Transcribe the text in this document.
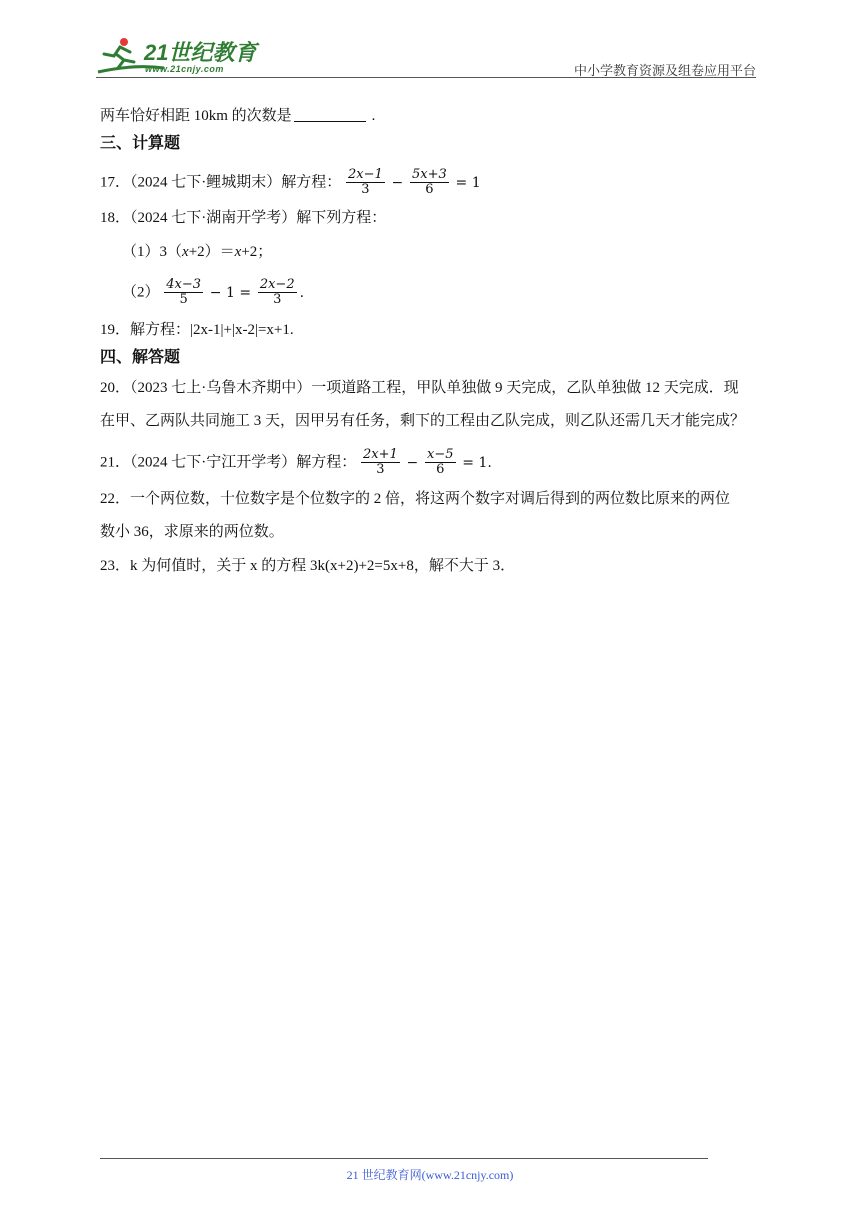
21世纪教育
www.21cnjy.com	中小学教育资源及组卷应用平台
两车恰好相距 10km 的次数是	.
三、计算题
17．（2024 七下·鲤城期末）解方程： $\frac{2x-1}{3} - \frac{5x+3}{6} = 1$
18．（2024 七下·湖南开学考）解下列方程：
（1）3（x+2）＝x+2；
$(2) \frac{4x-3}{5} - 1 = \frac{2x-2}{3}$ .
19．解方程：|2x-1|+|x-2|=x+1.
四、解答题
20．（2023 七上·乌鲁木齐期中）一项道路工程，甲队单独做 9 天完成，乙队单独做 12 天完成．现
在甲、乙两队共同施工 3 天，因甲另有任务，剩下的工程由乙队完成，则乙队还需几天才能完成？
21．（2024 七下·宁江开学考）解方程： $\frac{2x+1}{3} - \frac{x-5}{6} = 1$.
22．一个两位数，十位数字是个位数字的 2 倍，将这两个数字对调后得到的两位数比原来的两位
数小 36，求原来的两位数。
23．k 为何值时，关于 x 的方程 3k(x+2)+2=5x+8，解不大于 3．
21 世纪教育网(www.21cnjy.com)
